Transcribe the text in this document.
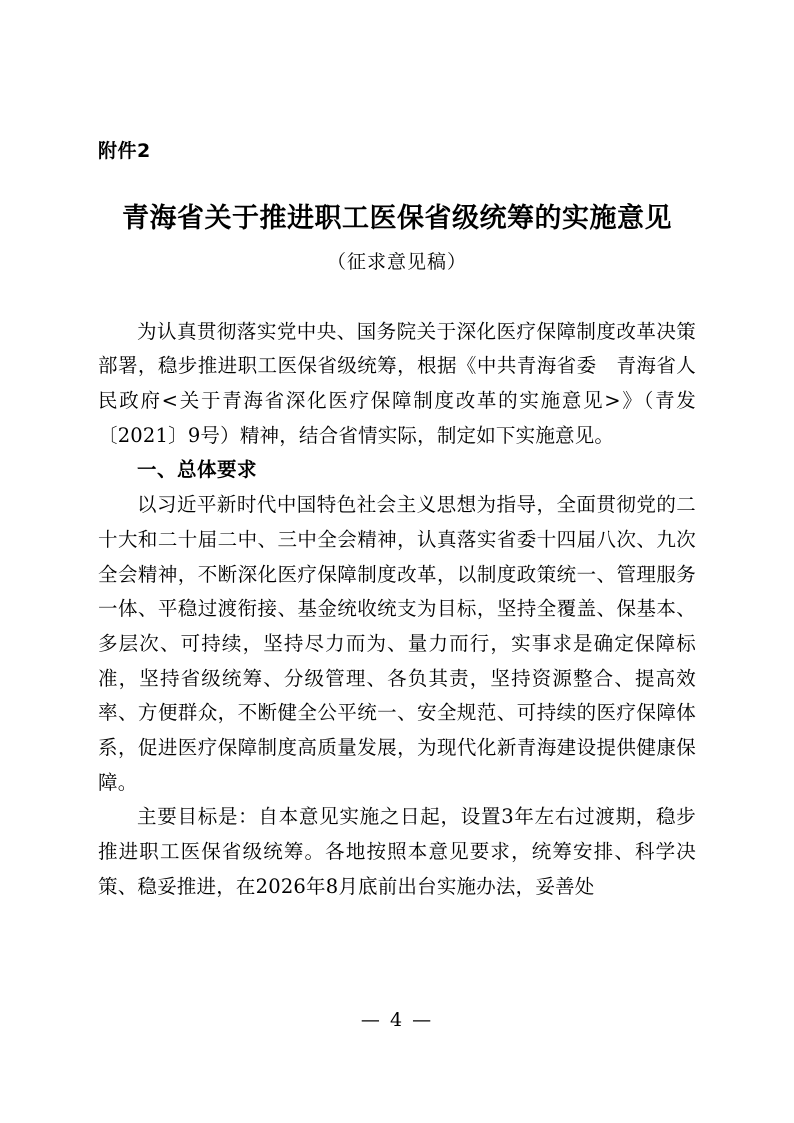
附件2
青海省关于推进职工医保省级统筹的实施意见
（征求意见稿）

为认真贯彻落实党中央、国务院关于深化医疗保障制度改革决策部署，稳步推进职工医保省级统筹，根据《中共青海省委　青海省人民政府<关于青海省深化医疗保障制度改革的实施意见>》（青发〔2021〕9号）精神，结合省情实际，制定如下实施意见。

一、总体要求

以习近平新时代中国特色社会主义思想为指导，全面贯彻党的二十大和二十届二中、三中全会精神，认真落实省委十四届八次、九次全会精神，不断深化医疗保障制度改革，以制度政策统一、管理服务一体、平稳过渡衔接、基金统收统支为目标，坚持全覆盖、保基本、多层次、可持续，坚持尽力而为、量力而行，实事求是确定保障标准，坚持省级统筹、分级管理、各负其责，坚持资源整合、提高效率、方便群众，不断健全公平统一、安全规范、可持续的医疗保障体系，促进医疗保障制度高质量发展，为现代化新青海建设提供健康保障。

主要目标是：自本意见实施之日起，设置3年左右过渡期，稳步推进职工医保省级统筹。各地按照本意见要求，统筹安排、科学决策、稳妥推进，在2026年8月底前出台实施办法，妥善处

— 4 —
